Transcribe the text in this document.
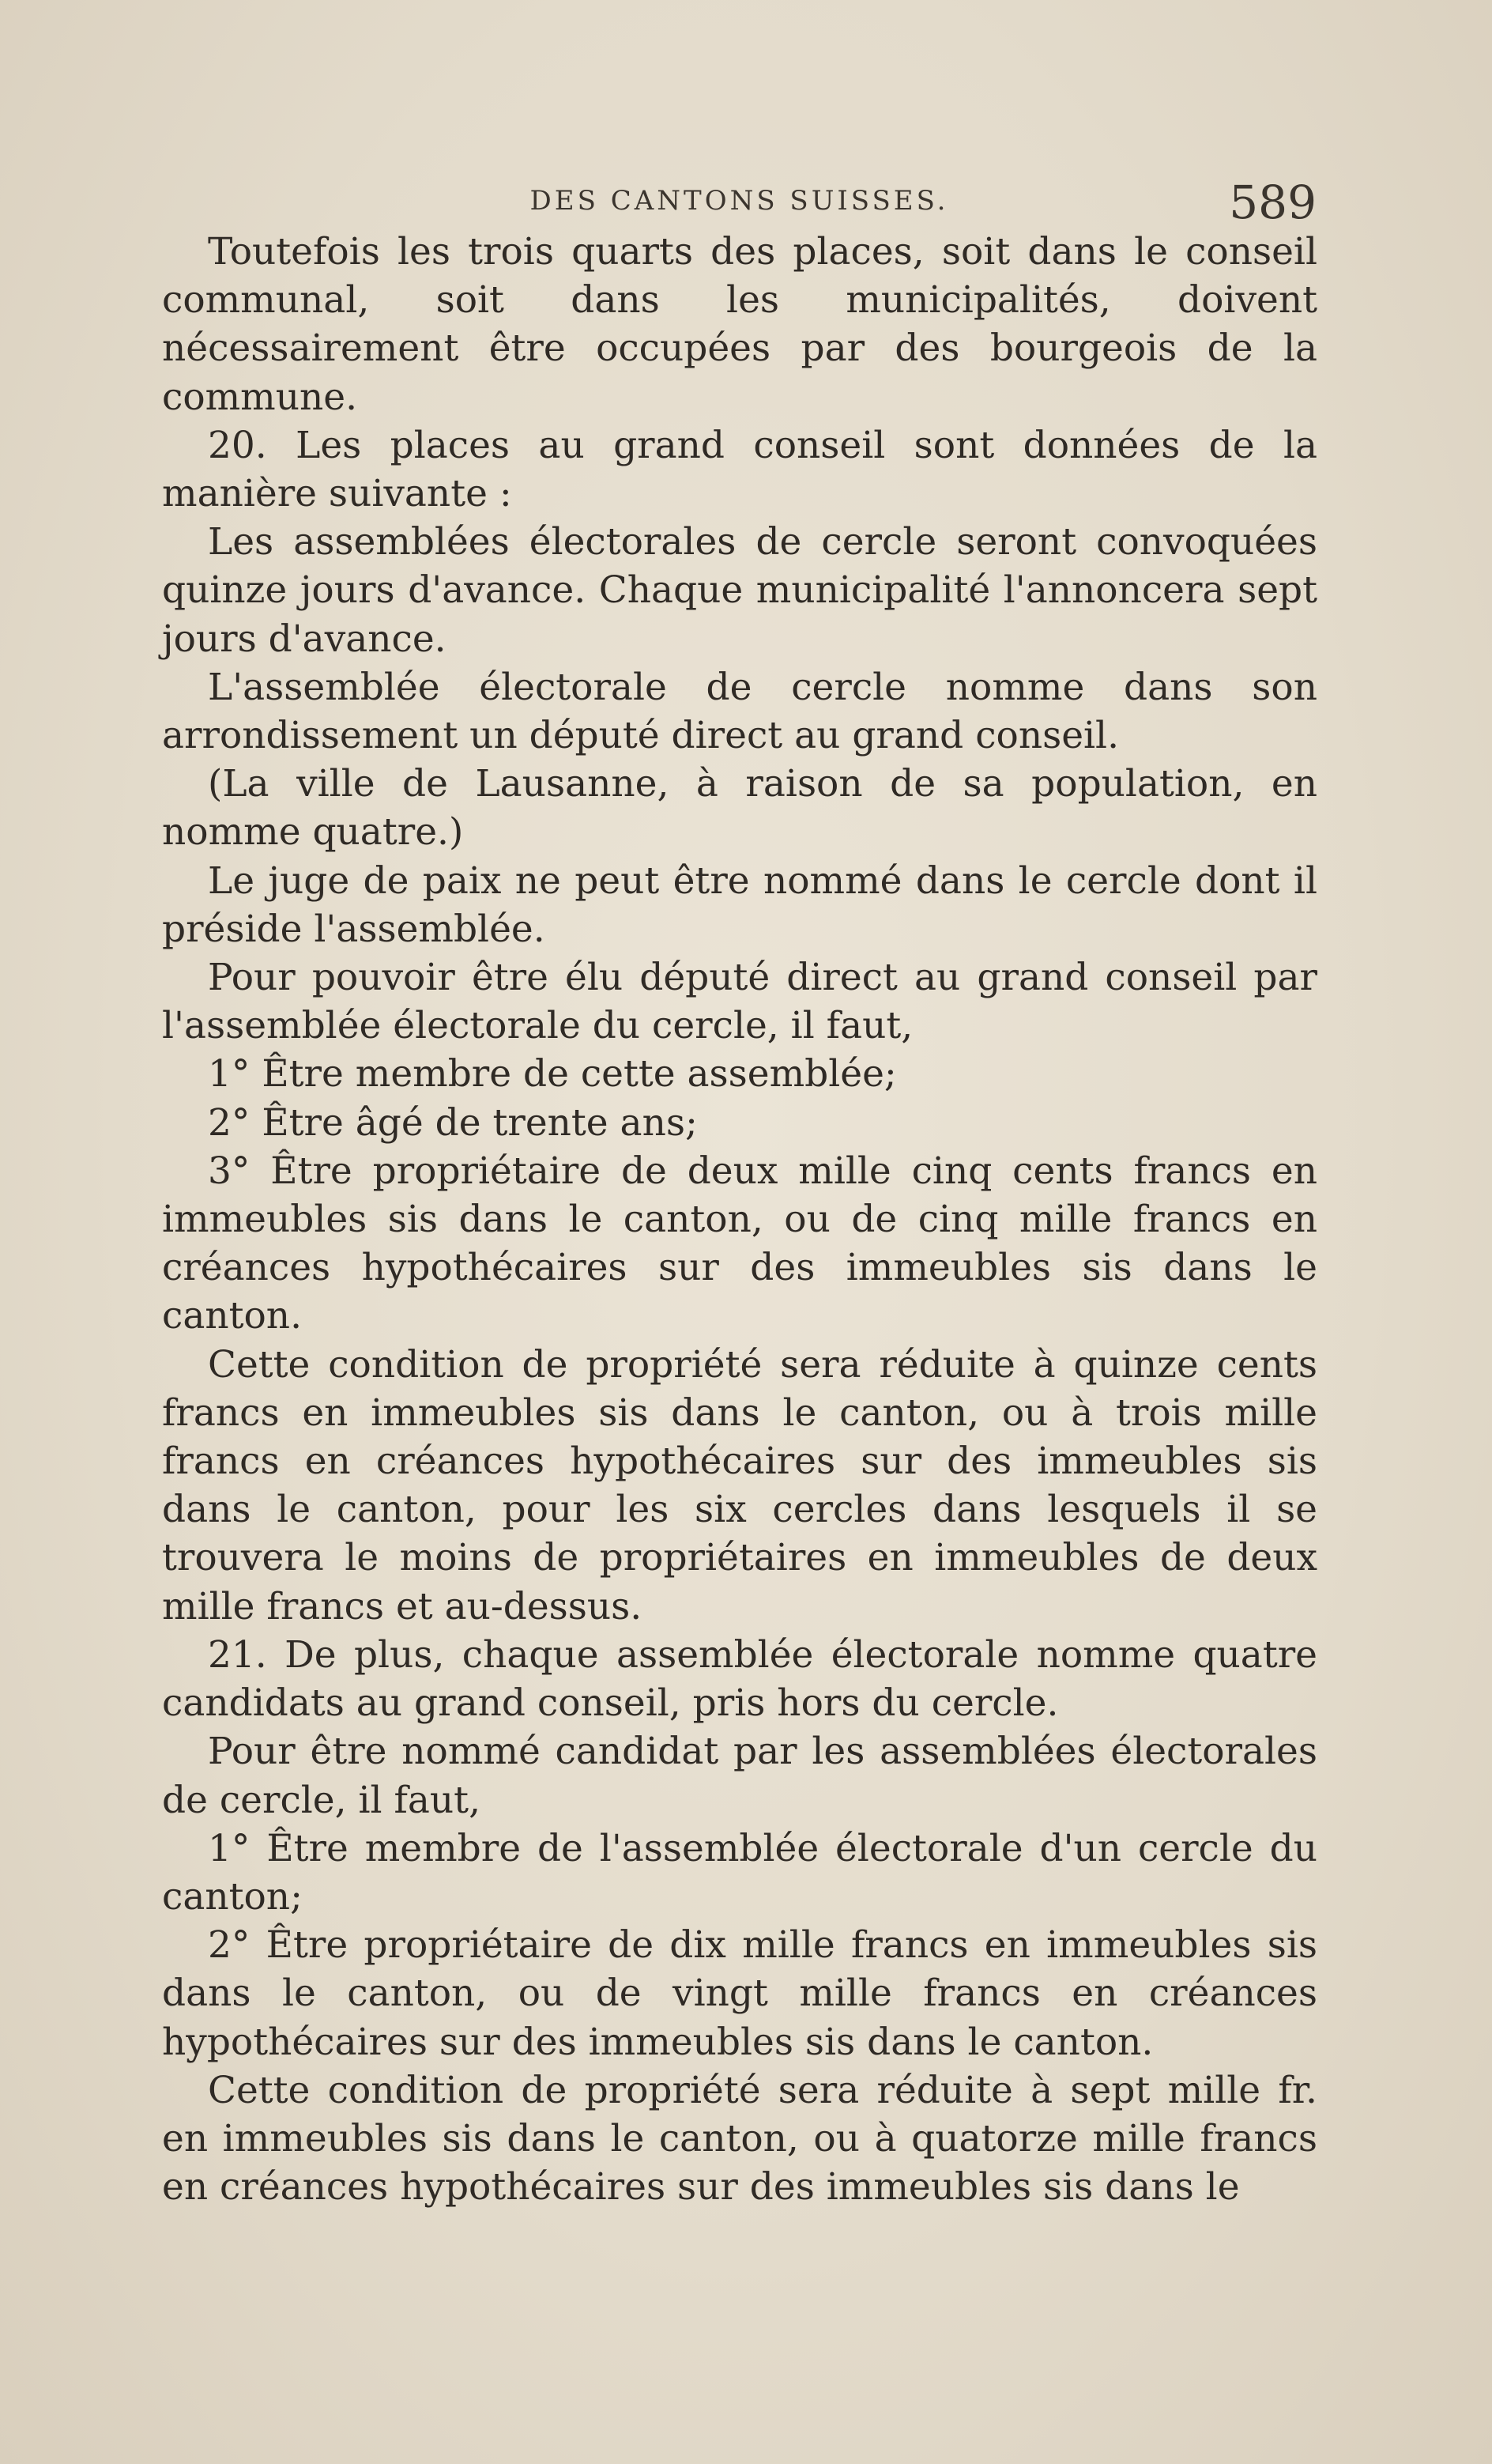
DES CANTONS SUISSES.	589

Toutefois les trois quarts des places, soit dans le conseil communal, soit dans les municipalités, doivent nécessairement être occupées par des bourgeois de la commune.

20. Les places au grand conseil sont données de la manière suivante :

Les assemblées électorales de cercle seront convoquées quinze jours d'avance. Chaque municipalité l'annoncera sept jours d'avance.

L'assemblée électorale de cercle nomme dans son arrondissement un député direct au grand conseil.

(La ville de Lausanne, à raison de sa population, en nomme quatre.)

Le juge de paix ne peut être nommé dans le cercle dont il préside l'assemblée.

Pour pouvoir être élu député direct au grand conseil par l'assemblée électorale du cercle, il faut,

1° Être membre de cette assemblée;

2° Être âgé de trente ans;

3° Être propriétaire de deux mille cinq cents francs en immeubles sis dans le canton, ou de cinq mille francs en créances hypothécaires sur des immeubles sis dans le canton.

Cette condition de propriété sera réduite à quinze cents francs en immeubles sis dans le canton, ou à trois mille francs en créances hypothécaires sur des immeubles sis dans le canton, pour les six cercles dans lesquels il se trouvera le moins de propriétaires en immeubles de deux mille francs et au-dessus.

21. De plus, chaque assemblée électorale nomme quatre candidats au grand conseil, pris hors du cercle.

Pour être nommé candidat par les assemblées électorales de cercle, il faut,

1° Être membre de l'assemblée électorale d'un cercle du canton;

2° Être propriétaire de dix mille francs en immeubles sis dans le canton, ou de vingt mille francs en créances hypothécaires sur des immeubles sis dans le canton.

Cette condition de propriété sera réduite à sept mille fr. en immeubles sis dans le canton, ou à quatorze mille francs en créances hypothécaires sur des immeubles sis dans le
